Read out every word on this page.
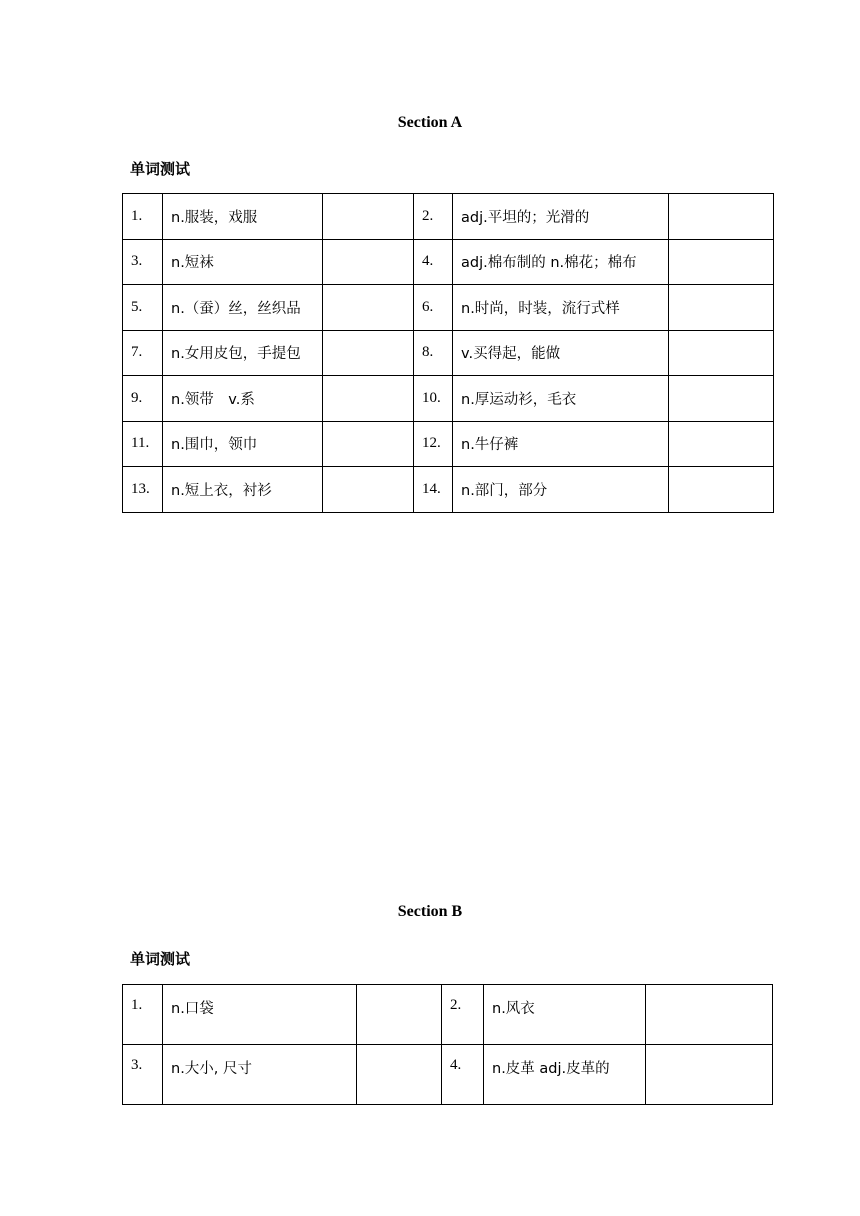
Section A
单词测试
1.	n.服装，戏服		2.	adj.平坦的；光滑的	
3.	n.短袜		4.	adj.棉布制的 n.棉花；棉布	
5.	n.（蚕）丝，丝织品		6.	n.时尚，时装，流行式样	
7.	n.女用皮包，手提包		8.	v.买得起，能做	
9.	n.领带　v.系		10.	n.厚运动衫，毛衣	
11.	n.围巾，领巾		12.	n.牛仔裤	
13.	n.短上衣，衬衫		14.	n.部门，部分	
Section B
单词测试
1.	n.口袋		2.	n.风衣	
3.	n.大小, 尺寸		4.	n.皮革 adj.皮革的	
